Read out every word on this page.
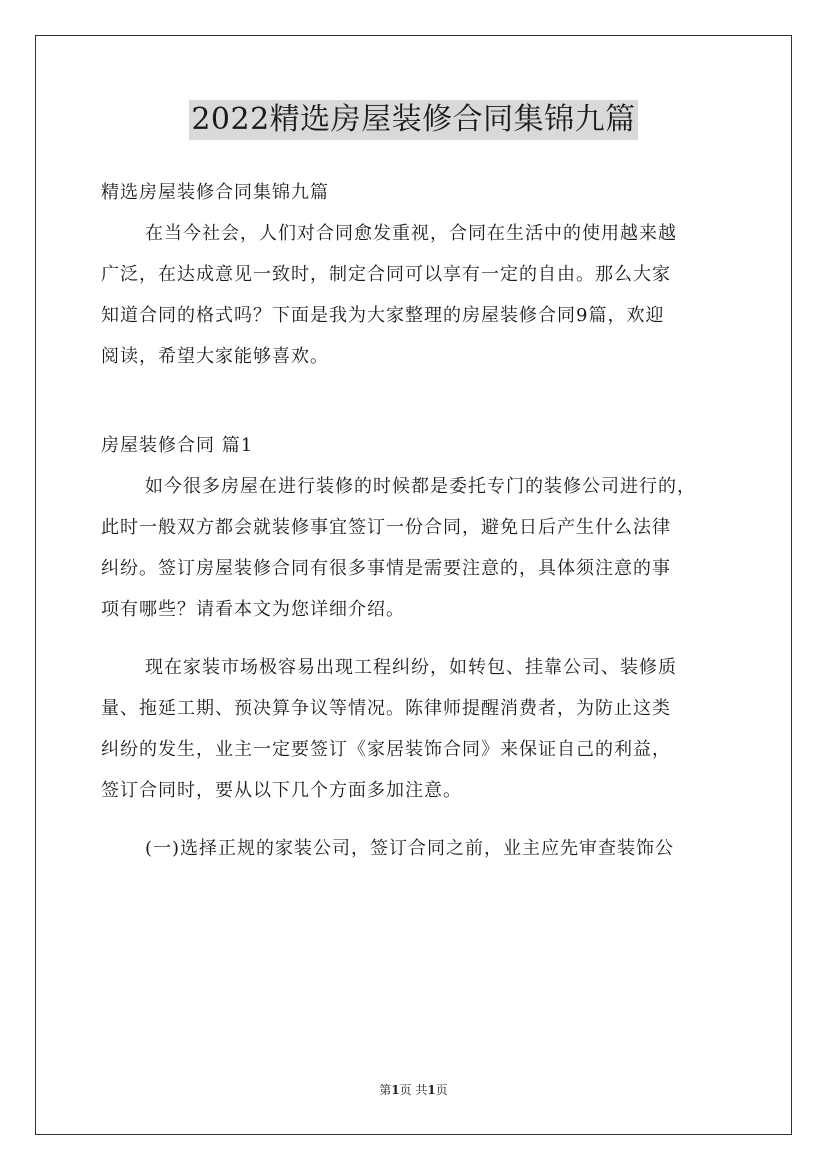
2022精选房屋装修合同集锦九篇
精选房屋装修合同集锦九篇
在当今社会，人们对合同愈发重视，合同在生活中的使用越来越
广泛，在达成意见一致时，制定合同可以享有一定的自由。那么大家
知道合同的格式吗？下面是我为大家整理的房屋装修合同9篇，欢迎
阅读，希望大家能够喜欢。
房屋装修合同 篇1
如今很多房屋在进行装修的时候都是委托专门的装修公司进行的，
此时一般双方都会就装修事宜签订一份合同，避免日后产生什么法律
纠纷。签订房屋装修合同有很多事情是需要注意的，具体须注意的事
项有哪些？请看本文为您详细介绍。
现在家装市场极容易出现工程纠纷，如转包、挂靠公司、装修质
量、拖延工期、预决算争议等情况。陈律师提醒消费者，为防止这类
纠纷的发生，业主一定要签订《家居装饰合同》来保证自己的利益，
签订合同时，要从以下几个方面多加注意。
(一)选择正规的家装公司，签订合同之前，业主应先审查装饰公
第1页 共1页
